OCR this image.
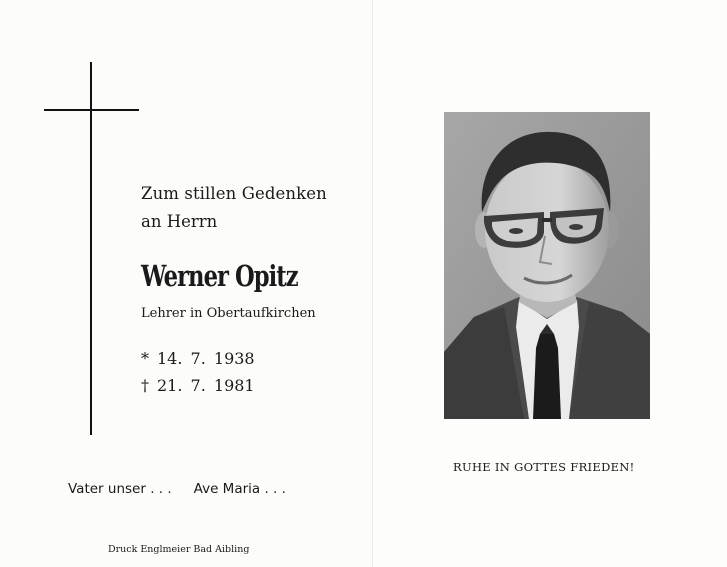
Zum stillen Gedenken
an Herrn
Werner Opitz
Lehrer in Obertaufkirchen
* 14. 7. 1938
† 21. 7. 1981
Vater unser . . . Ave Maria . . .
Druck Englmeier Bad Aibling
RUHE IN GOTTES FRIEDEN!
